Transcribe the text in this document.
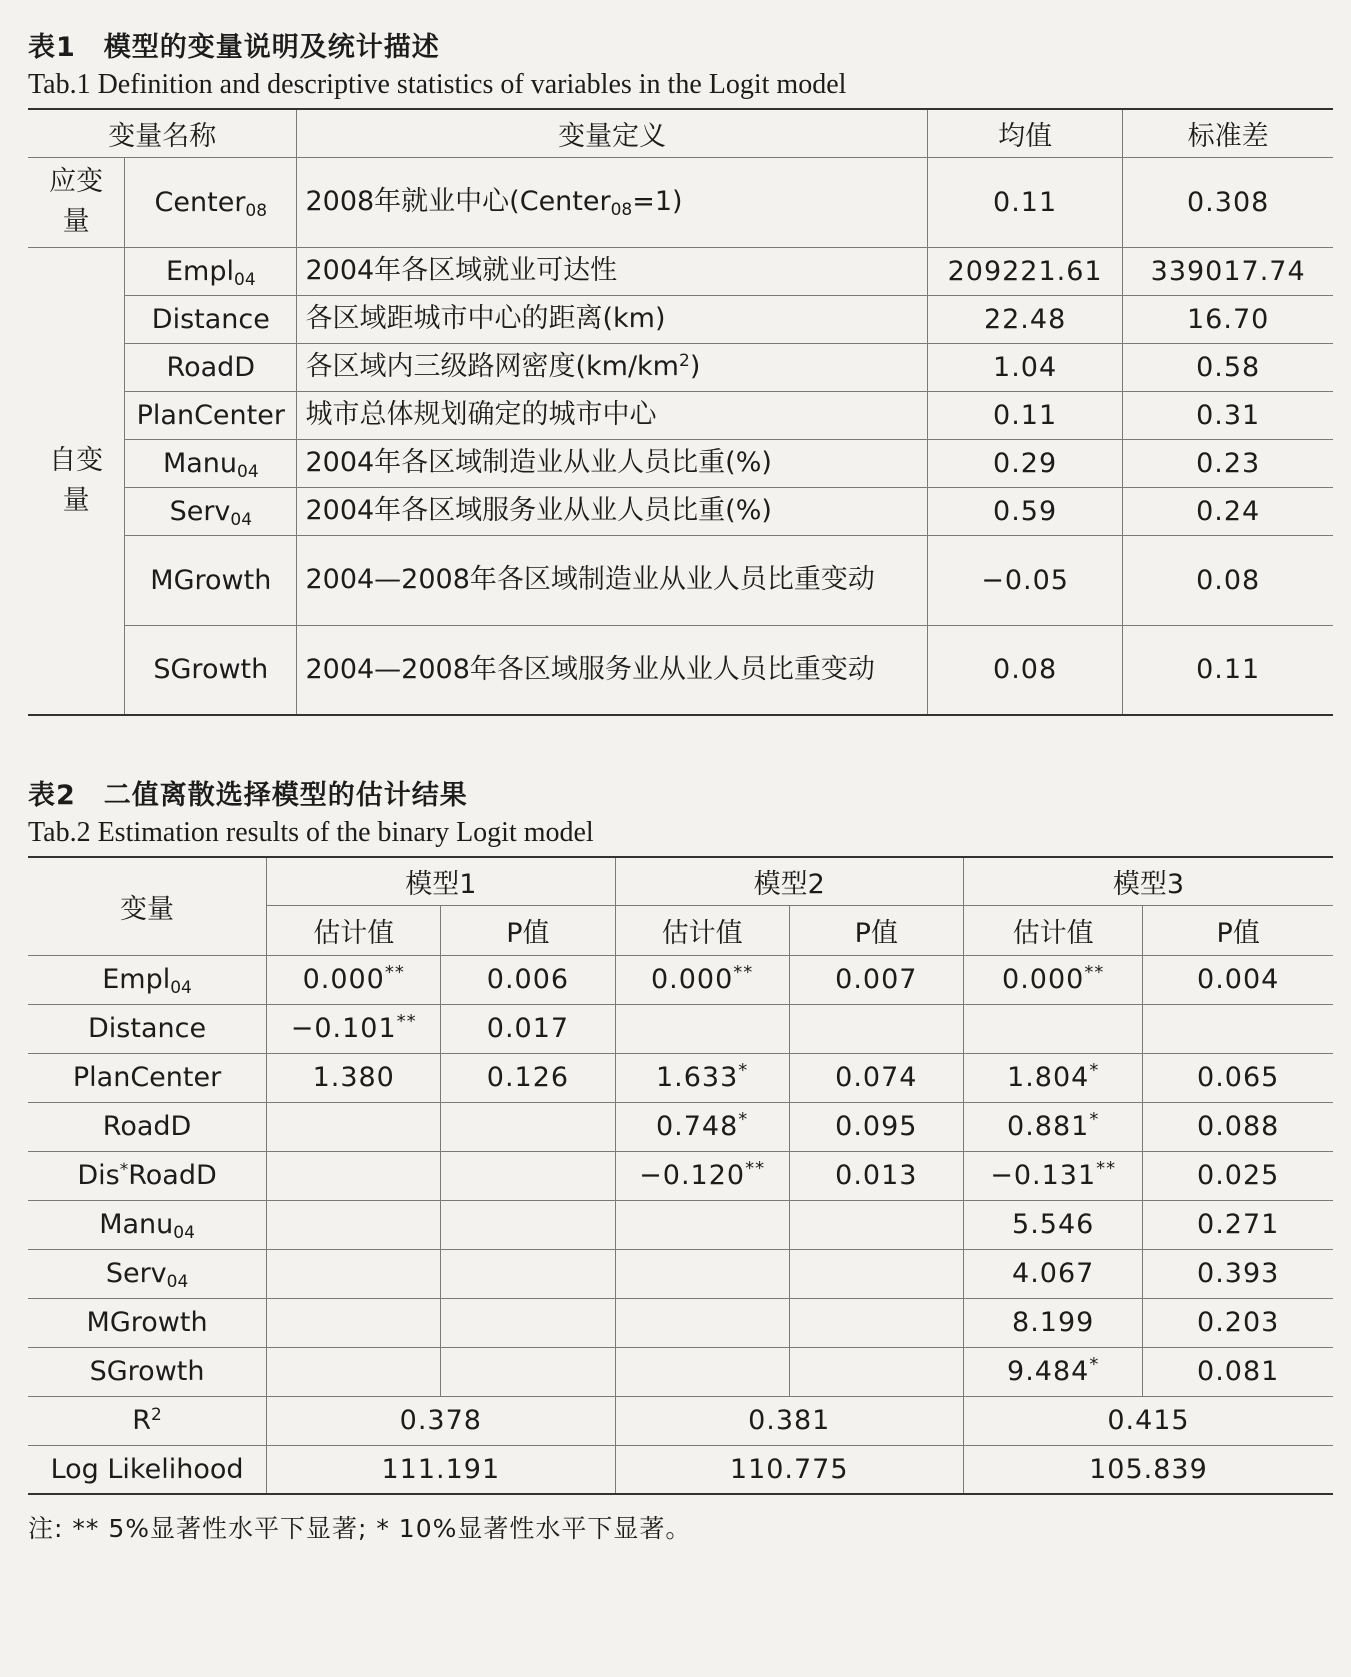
表1 模型的变量说明及统计描述
Tab.1 Definition and descriptive statistics of variables in the Logit model
变量名称		变量定义	均值	标准差
应变量	Center$_{08}$	2008年就业中心(Center$_{08}$=1)	0.11	0.308
自变量	Empl$_{04}$	2004年各区域就业可达性	209221.61	339017.74
	Distance	各区域距城市中心的距离(km)	22.48	16.70
	RoadD	各区域内三级路网密度$(km/km^2)$	1.04	0.58
	PlanCenter	城市总体规划确定的城市中心	0.11	0.31
	Manu$_{04}$	2004年各区域制造业从业人员比重(%)	0.29	0.23
	Serv$_{04}$	2004年各区域服务业从业人员比重(%)	0.59	0.24
	MGrowth	2004—2008年各区域制造业从业人员比重变动	−0.05	0.08
	SGrowth	2004—2008年各区域服务业从业人员比重变动	0.08	0.11
表2 二值离散选择模型的估计结果
Tab.2 Estimation results of the binary Logit model
变量	模型1		模型2		模型3	
	估计值	P值	估计值	P值	估计值	P值
Empl$_{04}$	0.000**	0.006	0.000**	0.007	0.000**	0.004
Distance	−0.101**	0.017				
PlanCenter	1.380	0.126	1.633*	0.074	1.804*	0.065
RoadD			0.748*	0.095	0.881*	0.088
Dis*RoadD			−0.120**	0.013	−0.131**	0.025
Manu$_{04}$					5.546	0.271
Serv$_{04}$					4.067	0.393
MGrowth					8.199	0.203
SGrowth					9.484*	0.081
$R^2$	0.378		0.381		0.415	
Log Likelihood	111.191		110.775		105.839	
注: ** 5%显著性水平下显著; * 10%显著性水平下显著。
